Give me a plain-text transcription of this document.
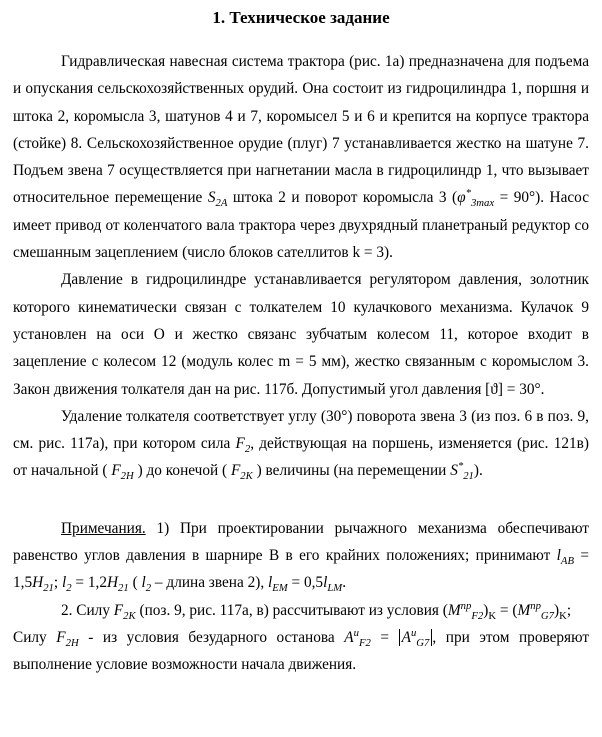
1. Техническое задание

Гидравлическая навесная система трактора (рис. 1а) предназначена для подъема и опускания сельскохозяйственных орудий. Она состоит из гидроцилиндра 1, поршня и штока 2, коромысла 3, шатунов 4 и 7, коромысел 5 и 6 и крепится на корпусе трактора (стойке) 8. Сельскохозяйственное орудие (плуг) 7 устанавливается жестко на шатуне 7. Подъем звена 7 осуществляется при нагнетании масла в гидроцилиндр 1, что вызывает относительное перемещение $S_{2A}$ штока 2 и поворот коромысла 3 $(\varphi^*_{3max} = 90^\circ)$. Насос имеет привод от коленчатого вала трактора через двухрядный планетраный редуктор со смешанным зацеплением (число блоков сателлитов k = 3).

Давление в гидроцилиндре устанавливается регулятором давления, золотник которого кинематически связан с толкателем 10 кулачкового механизма. Кулачок 9 установлен на оси О и жестко связанс зубчатым колесом 11, которое входит в зацепление с колесом 12 (модуль колес m = 5 мм), жестко связанным с коромыслом 3. Закон движения толкателя дан на рис. 117б. Допустимый угол давления [ϑ] = 30°.

Удаление толкателя соответствует углу (30°) поворота звена 3 (из поз. 6 в поз. 9, см. рис. 117а), при котором сила $F_2$, действующая на поршень, изменяется (рис. 121в) от начальной ( $F_{2H}$ ) до конечой ( $F_{2K}$ ) величины (на перемещении $S^*_{21}$).

Примечания. 1) При проектировании рычажного механизма обеспечивают равенство углов давления в шарнире В в его крайних положениях; принимают $l_{AB} = 1,5H_{21}$; $l_2 = 1,2H_{21}$ ( $l_2$ – длина звена 2), $l_{EM} = 0,5l_{LM}$.

2. Силу $F_{2K}$ (поз. 9, рис. 117а, в) рассчитывают из условия $(M^{пр}_{F2})_K = (M^{пр}_{G7})_K$;

Силу $F_{2H}$ - из условия безударного останова $A^u_{F2} = A^u_{G7}$ , при этом проверяют выполнение условие возможности начала движения.
